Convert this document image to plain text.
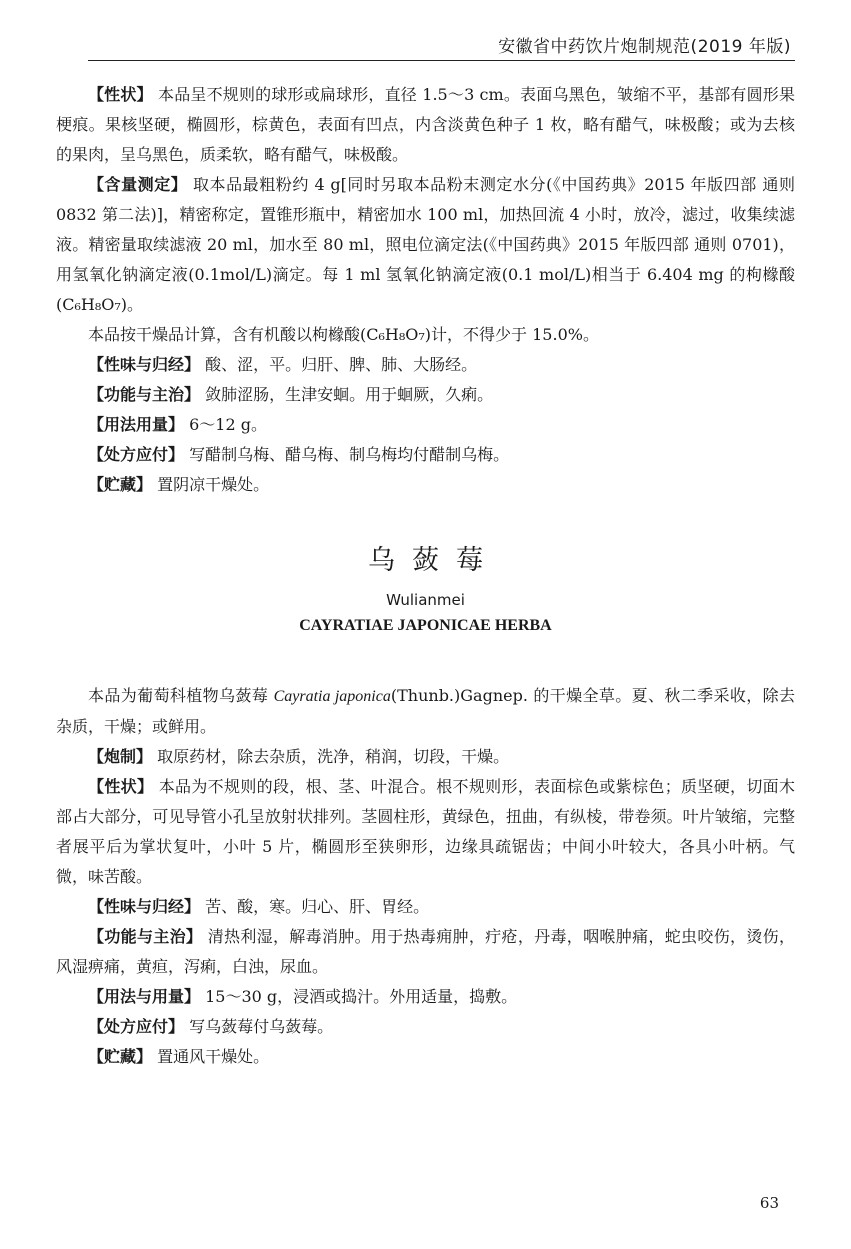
安徽省中药饮片炮制规范(2019 年版)

【性状】 本品呈不规则的球形或扁球形，直径 1.5～3 cm。表面乌黑色，皱缩不平，基部有圆形果梗痕。果核坚硬，椭圆形，棕黄色，表面有凹点，内含淡黄色种子 1 枚，略有醋气，味极酸；或为去核的果肉，呈乌黑色，质柔软，略有醋气，味极酸。

【含量测定】 取本品最粗粉约 4 g[同时另取本品粉末测定水分(《中国药典》2015 年版四部 通则 0832 第二法)]，精密称定，置锥形瓶中，精密加水 100 ml，加热回流 4 小时，放冷，滤过，收集续滤液。精密量取续滤液 20 ml，加水至 80 ml，照电位滴定法(《中国药典》2015 年版四部 通则 0701)，用氢氧化钠滴定液(0.1mol/L)滴定。每 1 ml 氢氧化钠滴定液(0.1 mol/L)相当于 6.404 mg 的枸橼酸(C₆H₈O₇)。

本品按干燥品计算，含有机酸以枸橼酸(C₆H₈O₇)计，不得少于 15.0%。

【性味与归经】 酸、涩，平。归肝、脾、肺、大肠经。

【功能与主治】 敛肺涩肠，生津安蛔。用于蛔厥，久痢。

【用法用量】 6～12 g。

【处方应付】 写醋制乌梅、醋乌梅、制乌梅均付醋制乌梅。

【贮藏】 置阴凉干燥处。

乌蔹莓
Wulianmei
CAYRATIAE JAPONICAE HERBA

本品为葡萄科植物乌蔹莓 Cayratia japonica(Thunb.)Gagnep. 的干燥全草。夏、秋二季采收，除去杂质，干燥；或鲜用。

【炮制】 取原药材，除去杂质，洗净，稍润，切段，干燥。

【性状】 本品为不规则的段，根、茎、叶混合。根不规则形，表面棕色或紫棕色；质坚硬，切面木部占大部分，可见导管小孔呈放射状排列。茎圆柱形，黄绿色，扭曲，有纵棱，带卷须。叶片皱缩，完整者展平后为掌状复叶，小叶 5 片，椭圆形至狭卵形，边缘具疏锯齿；中间小叶较大，各具小叶柄。气微，味苦酸。

【性味与归经】 苦、酸，寒。归心、肝、胃经。

【功能与主治】 清热利湿，解毒消肿。用于热毒痈肿，疔疮，丹毒，咽喉肿痛，蛇虫咬伤，烫伤，风湿痹痛，黄疸，泻痢，白浊，尿血。

【用法与用量】 15～30 g，浸酒或捣汁。外用适量，捣敷。

【处方应付】 写乌蔹莓付乌蔹莓。

【贮藏】 置通风干燥处。

63
